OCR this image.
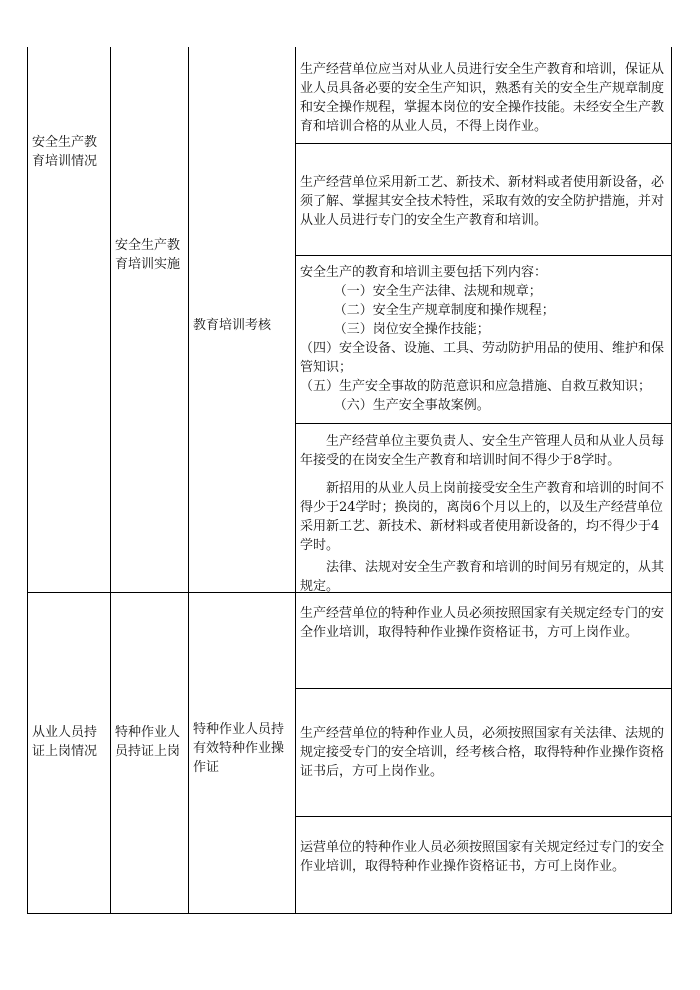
安全生产教育培训情况
安全生产教育培训实施
教育培训考核

生产经营单位应当对从业人员进行安全生产教育和培训，保证从业人员具备必要的安全生产知识，熟悉有关的安全生产规章制度和安全操作规程，掌握本岗位的安全操作技能。未经安全生产教育和培训合格的从业人员，不得上岗作业。

生产经营单位采用新工艺、新技术、新材料或者使用新设备，必须了解、掌握其安全技术特性，采取有效的安全防护措施，并对从业人员进行专门的安全生产教育和培训。

安全生产的教育和培训主要包括下列内容：

（一）安全生产法律、法规和规章；

（二）安全生产规章制度和操作规程；

（三）岗位安全操作技能；

（四）安全设备、设施、工具、劳动防护用品的使用、维护和保管知识；

（五）生产安全事故的防范意识和应急措施、自救互救知识；

（六）生产安全事故案例。

生产经营单位主要负责人、安全生产管理人员和从业人员每年接受的在岗安全生产教育和培训时间不得少于8学时。

新招用的从业人员上岗前接受安全生产教育和培训的时间不得少于24学时；换岗的，离岗6个月以上的，以及生产经营单位采用新工艺、新技术、新材料或者使用新设备的，均不得少于4学时。

法律、法规对安全生产教育和培训的时间另有规定的，从其规定。

从业人员持证上岗情况
特种作业人员持证上岗
特种作业人员持有效特种作业操作证

生产经营单位的特种作业人员必须按照国家有关规定经专门的安全作业培训，取得特种作业操作资格证书，方可上岗作业。

生产经营单位的特种作业人员，必须按照国家有关法律、法规的规定接受专门的安全培训，经考核合格，取得特种作业操作资格证书后，方可上岗作业。

运营单位的特种作业人员必须按照国家有关规定经过专门的安全作业培训，取得特种作业操作资格证书，方可上岗作业。
